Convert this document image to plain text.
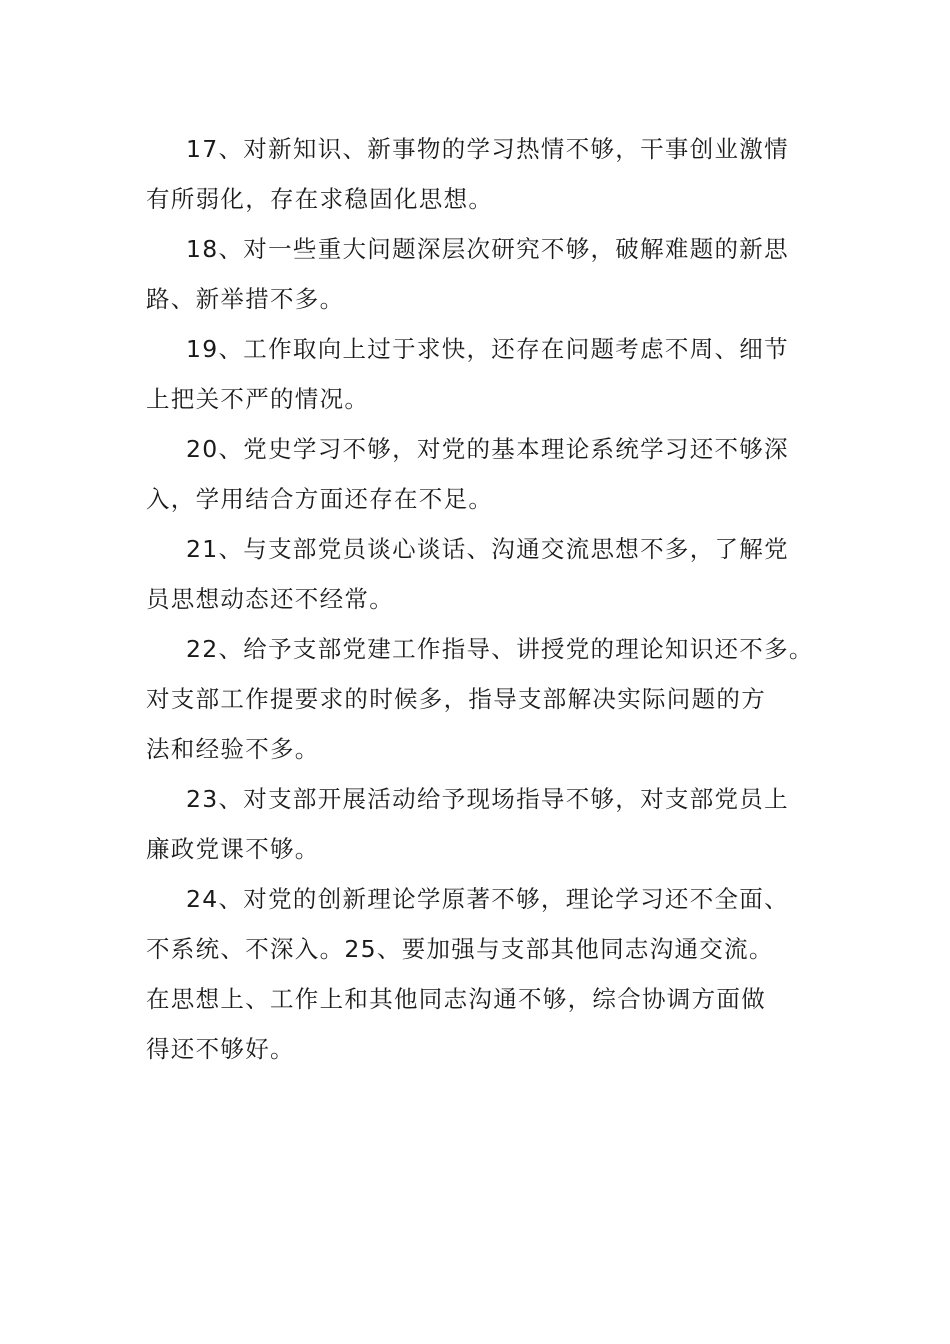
17、对新知识、新事物的学习热情不够，干事创业激情
有所弱化，存在求稳固化思想。

18、对一些重大问题深层次研究不够，破解难题的新思
路、新举措不多。

19、工作取向上过于求快，还存在问题考虑不周、细节
上把关不严的情况。

20、党史学习不够，对党的基本理论系统学习还不够深
入，学用结合方面还存在不足。

21、与支部党员谈心谈话、沟通交流思想不多，了解党
员思想动态还不经常。

22、给予支部党建工作指导、讲授党的理论知识还不多。
对支部工作提要求的时候多，指导支部解决实际问题的方
法和经验不多。

23、对支部开展活动给予现场指导不够，对支部党员上
廉政党课不够。

24、对党的创新理论学原著不够，理论学习还不全面、
不系统、不深入。25、要加强与支部其他同志沟通交流。
在思想上、工作上和其他同志沟通不够，综合协调方面做
得还不够好。
